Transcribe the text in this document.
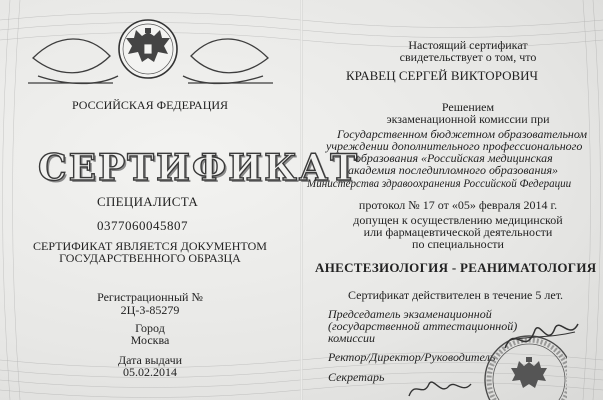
РОССИЙСКАЯ ФЕДЕРАЦИЯ
СЕРТИФИКАТ
СПЕЦИАЛИСТА
0377060045807
СЕРТИФИКАТ ЯВЛЯЕТСЯ ДОКУМЕНТОМ
ГОСУДАРСТВЕННОГО ОБРАЗЦА
Регистрационный №
2Ц-3-85279
Город
Москва
Дата выдачи
05.02.2014
Настоящий сертификат
свидетельствует о том, что
КРАВЕЦ СЕРГЕЙ ВИКТОРОВИЧ
Решением
экзаменационной комиссии при
Государственном бюджетном образовательном
учреждении дополнительного профессионального
образования «Российская медицинская
академия последипломного образования»
Министерства здравоохранения Российской Федерации
протокол № 17 от «05» февраля 2014 г.
допущен к осуществлению медицинской
или фармацевтической деятельности
по специальности
АНЕСТЕЗИОЛОГИЯ - РЕАНИМАТОЛОГИЯ
Сертификат действителен в течение 5 лет.
Председатель экзаменационной
(государственной аттестационной)
комиссии
Ректор/Директор/Руководитель
Секретарь
